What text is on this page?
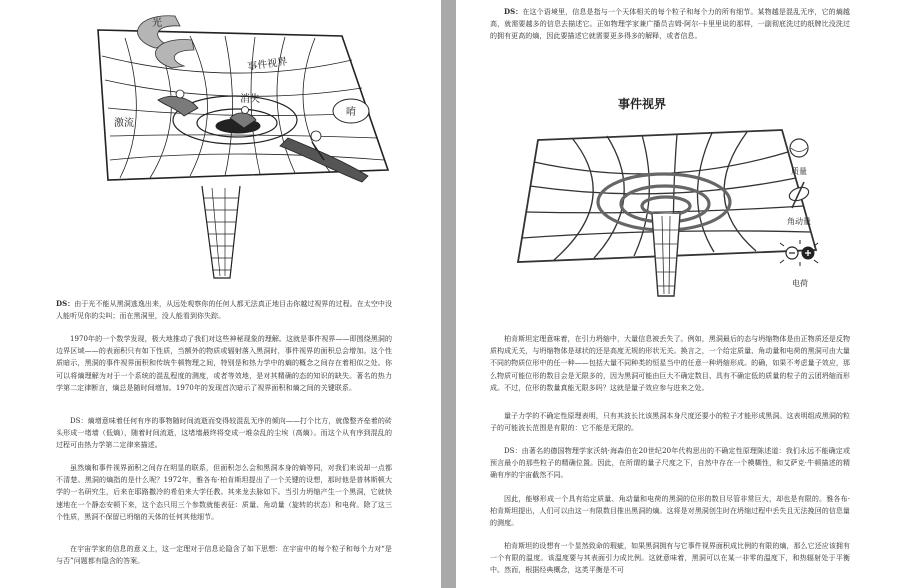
唷
光
事件视界
消失
激流

DS：由于光不能从黑洞逃逸出来，从远处观察你的任何人都无法真正地目击你越过视界的过程。在太空中没人能听见你的尖叫；而在黑洞里，没人能看到你失踪。

1970年的一个数学发现，极大地推动了我们对这些神秘现象的理解。这就是事件视界——即围绕黑洞的边界区域——的表面积只有如下性质，当额外的物质或辐射落入黑洞时，事件视界的面积总会增加。这个性质暗示，黑洞的事件视界面积和传统牛顿物理之间，特别是和热力学中的熵的概念之间存在着相似之处。你可以将熵理解为对于一个系统的混乱程度的测度，或者等效地，是对其精确的态的知识的缺失。著名的热力学第二定律断言，熵总是随时间增加。1970年的发现首次暗示了视界面积和熵之间的关键联系。

DS：熵增意味着任何有序的事物随时间流逝而变得较混乱无序的倾向——打个比方，就像整齐垒着的砖头形成一堵墙（低熵），随着时间流逝，这堵墙最终将变成一堆杂乱的尘埃（高熵）。而这个从有序到混乱的过程可由热力学第二定律来描述。

虽然熵和事件视界面积之间存在明显的联系，但面积怎么会和黑洞本身的熵等同，对我们来说却一点都不清楚。黑洞的熵指的是什么呢？1972年，雅各布·柏肯斯坦提出了一个关键的设想，那时他是普林斯顿大学的一名研究生，后来在耶路撒冷的希伯来大学任教。其来龙去脉如下。当引力坍缩产生一个黑洞，它就快速地在一个静态安顿下来，这个态只用三个参数就能表征：质量、角动量（旋转的状态）和电荷。除了这三个性质，黑洞不保留已坍缩的天体的任何其他细节。

在宇宙学家的信息的意义上，这一定理对于信息论隐含了如下思想：在宇宙中的每个粒子和每个力对“是与否”问题都有隐含的答案。

DS：在这个语境里，信息是指与一个天体相关的每个粒子和每个力的所有细节。某物越是混乱无序，它的熵越高，就需要越多的信息去描述它。正如物理学家兼广播员吉姆·阿尔-卡里里说的那样，一副彻底洗过的纸牌比没洗过的拥有更高的熵，因此要描述它就需要更多得多的解释，或者信息。

事件视界
质量
角动量
电荷

柏肯斯坦定理意味着，在引力坍缩中，大量信息被丢失了。例如，黑洞最后的态与坍缩物体是由正物质还是反物质构成无关，与坍缩物体是球状的还是高度无规的形状无关。换言之，一个给定质量、角动量和电荷的黑洞可由大量不同的物质位形中的任一种——包括大量不同种类的恒星当中的任意一种坍缩形成。的确，如果不考虑量子效应，那么物质可能位形的数目会是无限多的，因为黑洞可能由巨大不确定数目、具有不确定低的质量的粒子的云团坍缩而形成。不过，位形的数量真能无限多吗？这就是量子效应参与进来之处。

量子力学的不确定性原理表明，只有其波长比该黑洞本身尺度还要小的粒子才能形成黑洞。这表明组成黑洞的粒子的可能波长范围是有限的：它不能是无限的。

DS：由著名的德国物理学家沃纳·海森伯在20世纪20年代构思出的不确定性原理陈述道：我们永远不能确定或预言最小的那些粒子的精确位置。因此，在所谓的量子尺度之下，自然中存在一个模糊性，和艾萨克·牛顿描述的精确有序的宇宙截然不同。

因此，能够形成一个具有给定质量、角动量和电荷的黑洞的位形的数目尽管非常巨大，却也是有限的。雅各布·柏肯斯坦提出，人们可以由这一有限数目推出黑洞的熵。这将是对黑洞创生时在坍缩过程中丢失且无法挽回的信息量的测度。

柏肯斯坦的设想有一个显然致命的瑕疵，如果黑洞拥有与它事件视界面积成比例的有限的熵，那么它还应该拥有一个有限的温度。该温度要与其表面引力成比例。这就意味着，黑洞可以在某一非零的温度下，和热辐射处于平衡中。然而，根据经典概念，这类平衡是不可
